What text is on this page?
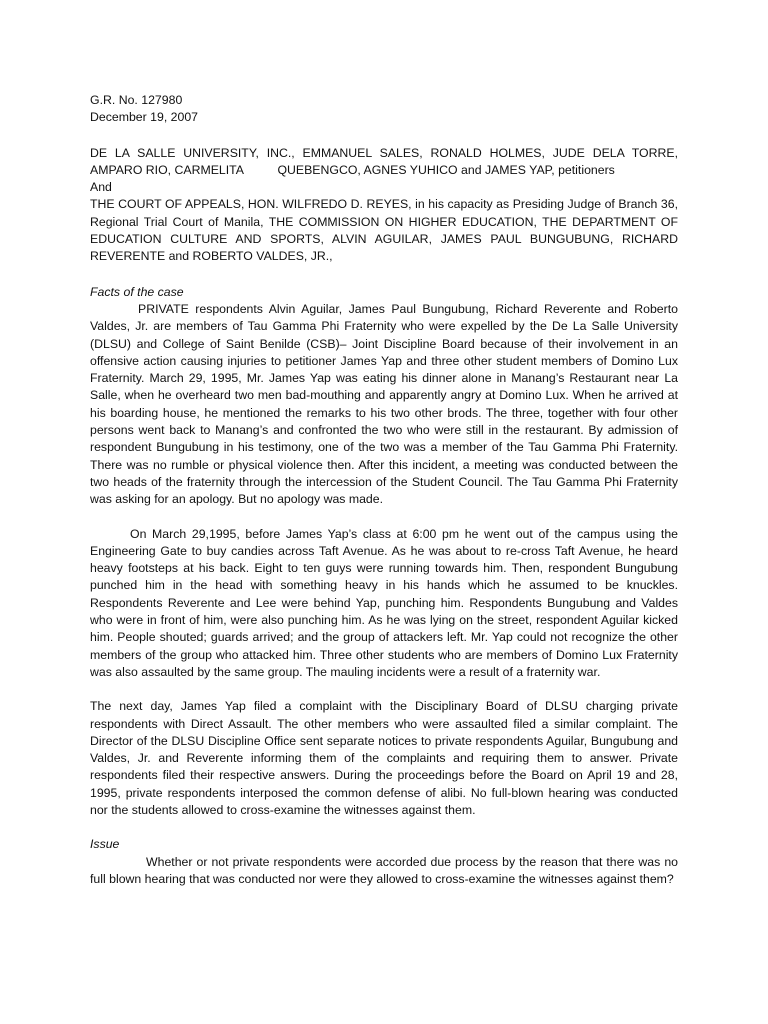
G.R. No. 127980

December 19, 2007

DE LA SALLE UNIVERSITY, INC., EMMANUEL SALES, RONALD HOLMES, JUDE DELA TORRE,

AMPARO RIO, CARMELITA          QUEBENGCO, AGNES YUHICO and JAMES YAP, petitioners

And

THE COURT OF APPEALS, HON. WILFREDO D. REYES, in his capacity as Presiding Judge of Branch 36, Regional Trial Court of Manila, THE COMMISSION ON HIGHER EDUCATION, THE DEPARTMENT OF EDUCATION CULTURE AND SPORTS, ALVIN AGUILAR, JAMES PAUL BUNGUBUNG, RICHARD REVERENTE and ROBERTO VALDES, JR.,

Facts of the case

PRIVATE respondents Alvin Aguilar, James Paul Bungubung, Richard Reverente and Roberto Valdes, Jr. are members of Tau Gamma Phi Fraternity who were expelled by the De La Salle University (DLSU) and College of Saint Benilde (CSB)– Joint Discipline Board because of their involvement in an offensive action causing injuries to petitioner James Yap and three other student members of Domino Lux Fraternity. March 29, 1995, Mr. James Yap was eating his dinner alone in Manang’s Restaurant near La Salle, when he overheard two men bad-mouthing and apparently angry at Domino Lux. When he arrived at his boarding house, he mentioned the remarks to his two other brods. The three, together with four other persons went back to Manang’s and confronted the two who were still in the restaurant. By admission of respondent Bungubung in his testimony, one of the two was a member of the Tau Gamma Phi Fraternity. There was no rumble or physical violence then. After this incident, a meeting was conducted between the two heads of the fraternity through the intercession of the Student Council. The Tau Gamma Phi Fraternity was asking for an apology. But no apology was made.

On March 29,1995, before James Yap’s class at 6:00 pm he went out of the campus using the Engineering Gate to buy candies across Taft Avenue. As he was about to re-cross Taft Avenue, he heard heavy footsteps at his back. Eight to ten guys were running towards him. Then, respondent Bungubung punched him in the head with something heavy in his hands which he assumed to be knuckles. Respondents Reverente and Lee were behind Yap, punching him. Respondents Bungubung and Valdes who were in front of him, were also punching him. As he was lying on the street, respondent Aguilar kicked him. People shouted; guards arrived; and the group of attackers left. Mr. Yap could not recognize the other members of the group who attacked him. Three other students who are members of Domino Lux Fraternity was also assaulted by the same group. The mauling incidents were a result of a fraternity war.

The next day, James Yap filed a complaint with the Disciplinary Board of DLSU charging private respondents with Direct Assault. The other members who were assaulted filed a similar complaint. The Director of the DLSU Discipline Office sent separate notices to private respondents Aguilar, Bungubung and Valdes, Jr. and Reverente informing them of the complaints and requiring them to answer. Private respondents filed their respective answers. During the proceedings before the Board on April 19 and 28, 1995, private respondents interposed the common defense of alibi. No full-blown hearing was conducted nor the students allowed to cross-examine the witnesses against them.

Issue

Whether or not private respondents were accorded due process by the reason that there was no full blown hearing that was conducted nor were they allowed to cross-examine the witnesses against them?
